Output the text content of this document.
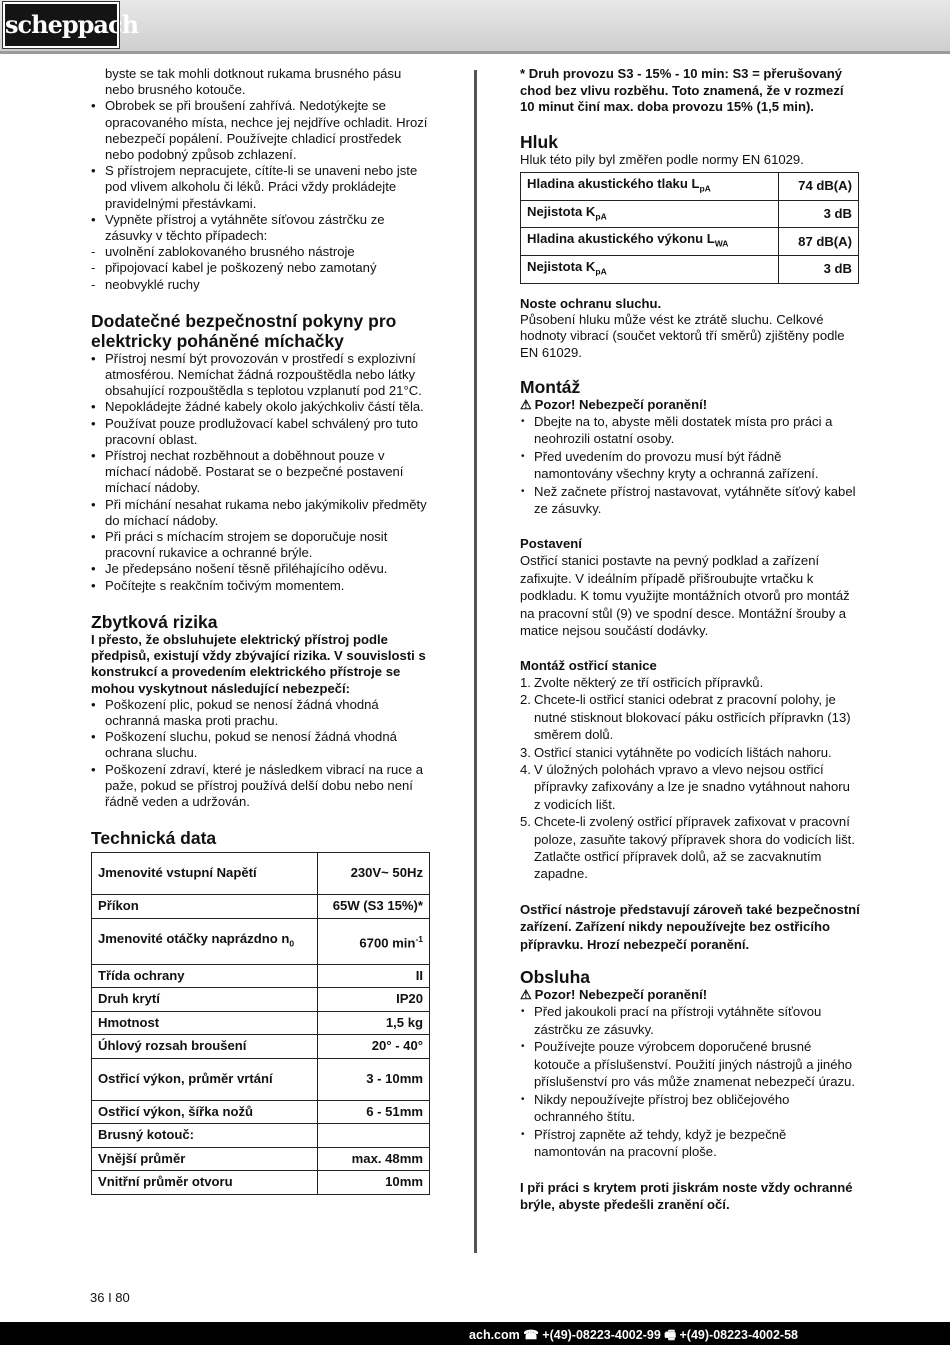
scheppach
byste se tak mohli dotknout rukama brusného pásu nebo brusného kotouče.
• Obrobek se při broušení zahřívá. Nedotýkejte se opracovaného místa, nechce jej nejdříve ochladit. Hrozí nebezpečí popálení. Používejte chladicí prostředek nebo podobný způsob zchlazení.
• S přístrojem nepracujete, cítíte-li se unaveni nebo jste pod vlivem alkoholu či léků. Práci vždy prokládejte pravidelnými přestávkami.
• Vypněte přístroj a vytáhněte síťovou zástrčku ze zásuvky v těchto případech:
- uvolnění zablokovaného brusného nástroje
- připojovací kabel je poškozený nebo zamotaný
- neobvyklé ruchy
Dodatečné bezpečnostní pokyny pro elektricky poháněné míchačky
• Přístroj nesmí být provozován v prostředí s explozivní atmosférou. Nemíchat žádná rozpouštědla nebo látky obsahující rozpouštědla s teplotou vzplanutí pod 21°C.
• Nepokládejte žádné kabely okolo jakýchkoliv částí těla.
• Používat pouze prodlužovací kabel schválený pro tuto pracovní oblast.
• Přístroj nechat rozběhnout a doběhnout pouze v míchací nádobě. Postarat se o bezpečné postavení míchací nádoby.
• Při míchání nesahat rukama nebo jakýmikoliv předměty do míchací nádoby.
• Při práci s míchacím strojem se doporučuje nosit pracovní rukavice a ochranné brýle.
• Je předepsáno nošení těsně přiléhajícího oděvu.
• Počítejte s reakčním točivým momentem.
Zbytková rizika
I přesto, že obsluhujete elektrický přístroj podle předpisů, existují vždy zbývající rizika. V souvislosti s konstrukcí a provedením elektrického přístroje se mohou vyskytnout následující nebezpečí:
• Poškození plic, pokud se nenosí žádná vhodná ochranná maska proti prachu.
• Poškození sluchu, pokud se nenosí žádná vhodná ochrana sluchu.
• Poškození zdraví, které je následkem vibrací na ruce a paže, pokud se přístroj používá delší dobu nebo není řádně veden a udržován.
Technická data
Jmenovité vstupní Napětí	230V~ 50Hz
Příkon	65W (S3 15%)*
Jmenovité otáčky naprázdno $n_0$	6700 $\min^{-1}$
Třída ochrany	II
Druh krytí	IP20
Hmotnost	1,5 kg
Úhlový rozsah broušení	20° - 40°
Ostřicí výkon, průměr vrtání	3 - 10mm
Ostřicí výkon, šířka nožů	6 - 51mm
Brusný kotouč:	
Vnější průměr	max. 48mm
Vnitřní průměr otvoru	10mm
* Druh provozu S3 - 15% - 10 min: S3 = přerušovaný chod bez vlivu rozběhu. Toto znamená, že v rozmezí 10 minut činí max. doba provozu 15% (1,5 min).
Hluk
Hluk této pily byl změřen podle normy EN 61029.
Hladina akustického tlaku $L_{pA}$	74 dB(A)
Nejistota $K_{pA}$	3 dB
Hladina akustického výkonu $L_{WA}$	87 dB(A)
Nejistota $K_{pA}$	3 dB
Noste ochranu sluchu.
Působení hluku může vést ke ztrátě sluchu. Celkové hodnoty vibrací (součet vektorů tří směrů) zjištěny podle EN 61029.
Montáž
⚠ Pozor! Nebezpečí poranění!
• Dbejte na to, abyste měli dostatek místa pro práci a neohrozili ostatní osoby.
• Před uvedením do provozu musí být řádně namontovány všechny kryty a ochranná zařízení.
• Než začnete přístroj nastavovat, vytáhněte síťový kabel ze zásuvky.
Postavení
Ostřicí stanici postavte na pevný podklad a zařízení zafixujte. V ideálním případě přišroubujte vrtačku k podkladu. K tomu využijte montážních otvorů pro montáž na pracovní stůl (9) ve spodní desce. Montážní šrouby a matice nejsou součástí dodávky.
Montáž ostřicí stanice
1. Zvolte některý ze tří ostřicích přípravků.
2. Chcete-li ostřicí stanici odebrat z pracovní polohy, je nutné stisknout blokovací páku ostřicích přípravkn (13) směrem dolů.
3. Ostřicí stanici vytáhněte po vodicích lištách nahoru.
4. V úložných polohách vpravo a vlevo nejsou ostřicí přípravky zafixovány a lze je snadno vytáhnout nahoru z vodicích lišt.
5. Chcete-li zvolený ostřicí přípravek zafixovat v pracovní poloze, zasuňte takový přípravek shora do vodicích lišt. Zatlačte ostřicí přípravek dolů, až se zacvaknutím zapadne.
Ostřicí nástroje představují zároveň také bezpečnostní zařízení. Zařízení nikdy nepoužívejte bez ostřicího přípravku. Hrozí nebezpečí poranění.
Obsluha
⚠ Pozor! Nebezpečí poranění!
• Před jakoukoli prací na přístroji vytáhněte síťovou zástrčku ze zásuvky.
• Používejte pouze výrobcem doporučené brusné kotouče a příslušenství. Použití jiných nástrojů a jiného příslušenství pro vás může znamenat nebezpečí úrazu.
• Nikdy nepoužívejte přístroj bez obličejového ochranného štítu.
• Přístroj zapněte až tehdy, když je bezpečně namontován na pracovní ploše.
I při práci s krytem proti jiskrám noste vždy ochranné brýle, abyste předešli zranění očí.
36 I 80
ach.com ☎ +(49)-08223-4002-99 🖷 +(49)-08223-4002-58
